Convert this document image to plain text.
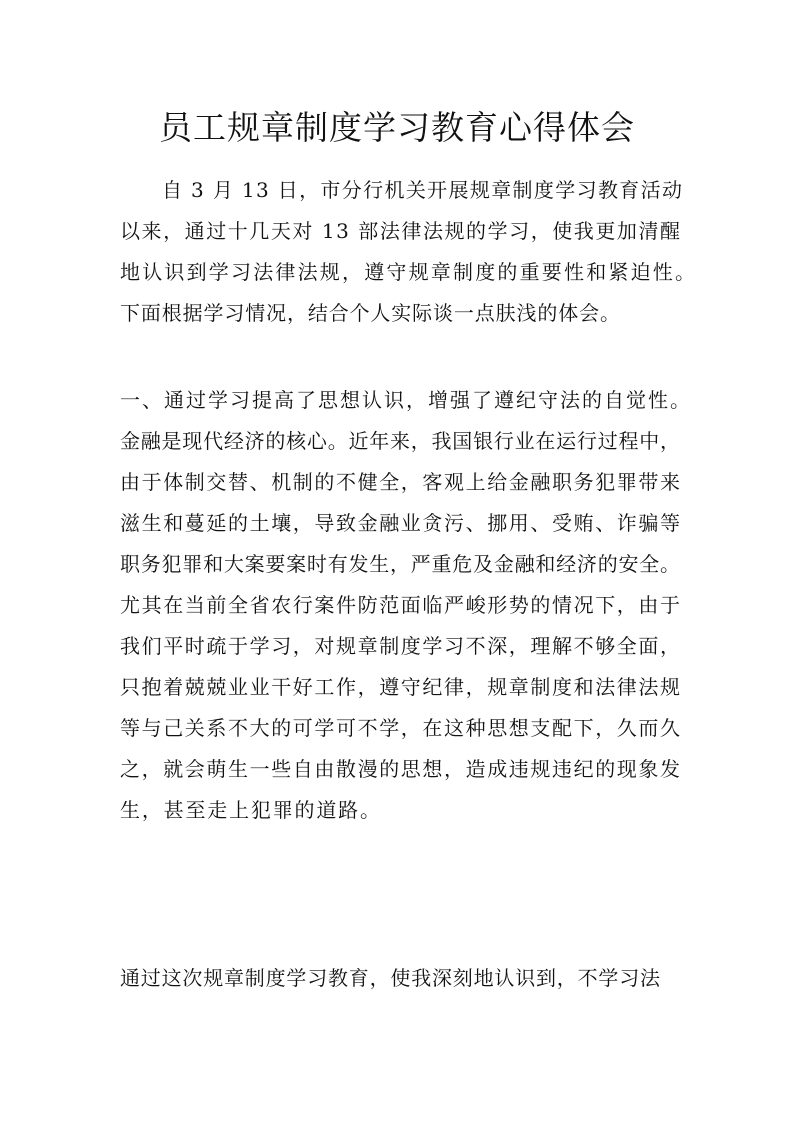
员工规章制度学习教育心得体会

自 3 月 13 日，市分行机关开展规章制度学习教育活动

以来，通过十几天对 13 部法律法规的学习，使我更加清醒

地认识到学习法律法规，遵守规章制度的重要性和紧迫性。

下面根据学习情况，结合个人实际谈一点肤浅的体会。

一、通过学习提高了思想认识，增强了遵纪守法的自觉性。

金融是现代经济的核心。近年来，我国银行业在运行过程中，

由于体制交替、机制的不健全，客观上给金融职务犯罪带来

滋生和蔓延的土壤，导致金融业贪污、挪用、受贿、诈骗等

职务犯罪和大案要案时有发生，严重危及金融和经济的安全。

尤其在当前全省农行案件防范面临严峻形势的情况下，由于

我们平时疏于学习，对规章制度学习不深，理解不够全面，

只抱着兢兢业业干好工作，遵守纪律，规章制度和法律法规

等与己关系不大的可学可不学，在这种思想支配下，久而久

之，就会萌生一些自由散漫的思想，造成违规违纪的现象发

生，甚至走上犯罪的道路。

通过这次规章制度学习教育，使我深刻地认识到，不学习法
